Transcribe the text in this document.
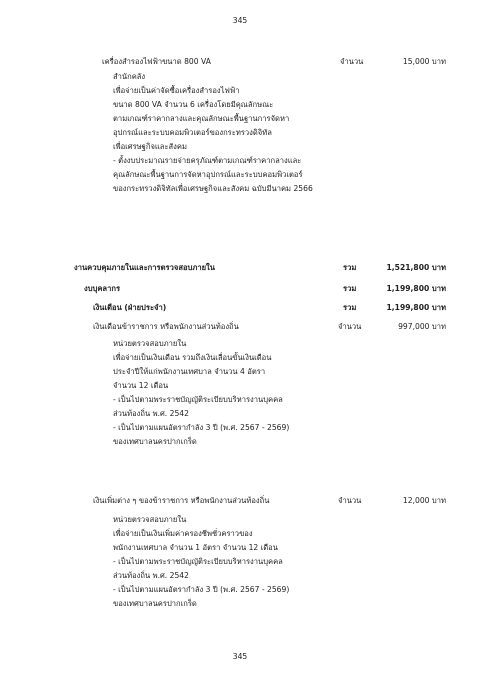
345
เครื่องสำรองไฟฟ้าขนาด 800 VA	จำนวน	15,000 บาท
สำนักคลัง
เพื่อจ่ายเป็นค่าจัดซื้อเครื่องสำรองไฟฟ้า
ขนาด 800 VA จำนวน 6 เครื่องโดยมีคุณลักษณะ
ตามเกณฑ์ราคากลางและคุณลักษณะพื้นฐานการจัดหา
อุปกรณ์และระบบคอมพิวเตอร์ของกระทรวงดิจิทัล
เพื่อเศรษฐกิจและสังคม
- ตั้งงบประมาณรายจ่ายครุภัณฑ์ตามเกณฑ์ราคากลางและ
คุณลักษณะพื้นฐานการจัดหาอุปกรณ์และระบบคอมพิวเตอร์
ของกระทรวงดิจิทัลเพื่อเศรษฐกิจและสังคม ฉบับมีนาคม 2566
งานควบคุมภายในและการตรวจสอบภายใน	รวม	1,521,800 บาท
งบบุคลากร	รวม	1,199,800 บาท
เงินเดือน (ฝ่ายประจำ)	รวม	1,199,800 บาท
เงินเดือนข้าราชการ หรือพนักงานส่วนท้องถิ่น	จำนวน	997,000 บาท
หน่วยตรวจสอบภายใน
เพื่อจ่ายเป็นเงินเดือน รวมถึงเงินเลื่อนขั้นเงินเดือน
ประจำปีให้แก่พนักงานเทศบาล จำนวน 4 อัตรา
จำนวน 12 เดือน
- เป็นไปตามพระราชบัญญัติระเบียบบริหารงานบุคคล
ส่วนท้องถิ่น พ.ศ. 2542
- เป็นไปตามแผนอัตรากำลัง 3 ปี (พ.ศ. 2567 - 2569)
ของเทศบาลนครปากเกร็ด
เงินเพิ่มต่าง ๆ ของข้าราชการ หรือพนักงานส่วนท้องถิ่น	จำนวน	12,000 บาท
หน่วยตรวจสอบภายใน
เพื่อจ่ายเป็นเงินเพิ่มค่าครองชีพชั่วคราวของ
พนักงานเทศบาล จำนวน 1 อัตรา จำนวน 12 เดือน
- เป็นไปตามพระราชบัญญัติระเบียบบริหารงานบุคคล
ส่วนท้องถิ่น พ.ศ. 2542
- เป็นไปตามแผนอัตรากำลัง 3 ปี (พ.ศ. 2567 - 2569)
ของเทศบาลนครปากเกร็ด
345
